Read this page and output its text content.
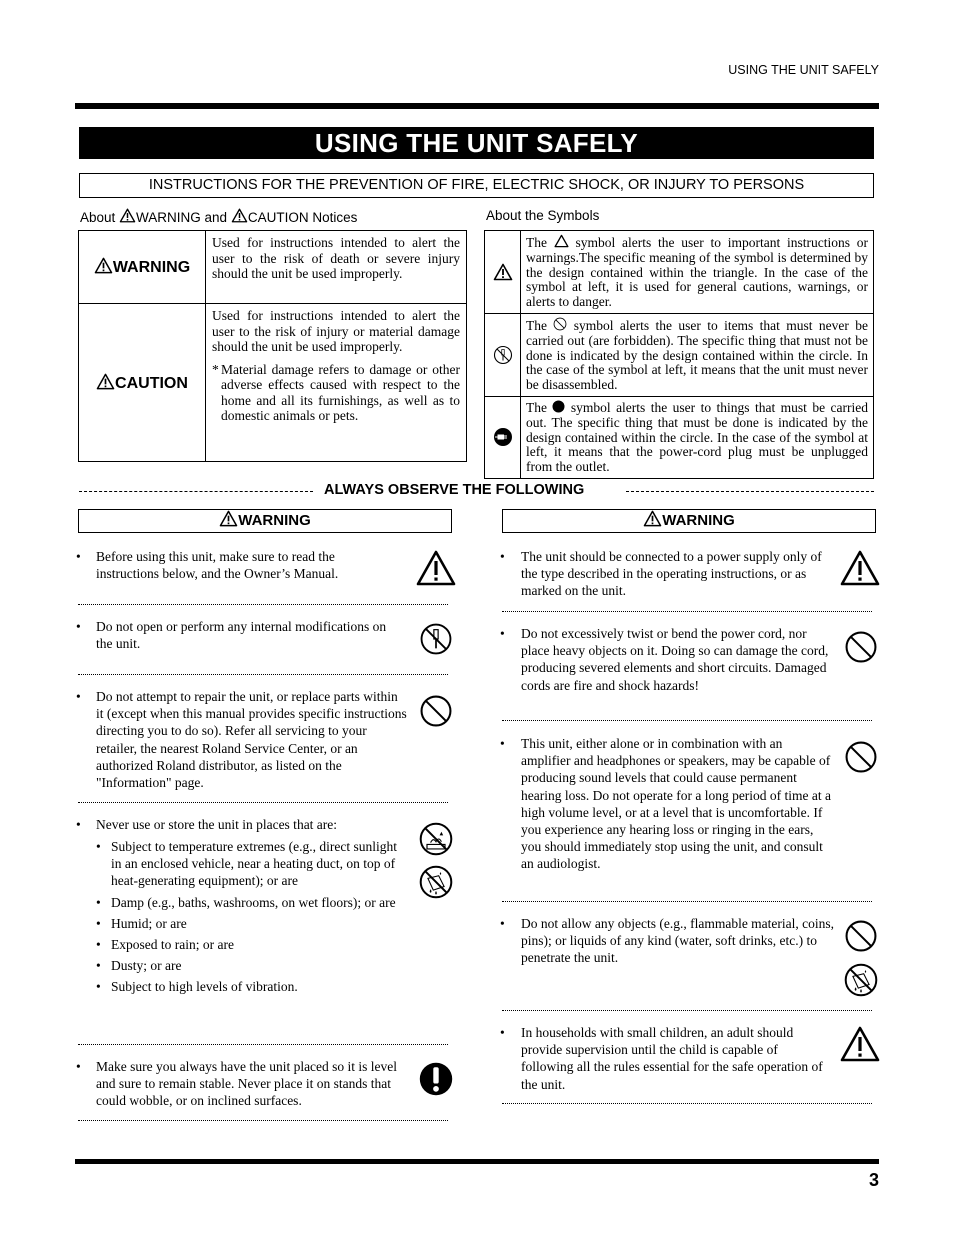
USING THE UNIT SAFELY
USING THE UNIT SAFELY
INSTRUCTIONS FOR THE PREVENTION OF FIRE, ELECTRIC SHOCK, OR INJURY TO PERSONS
About WARNING and CAUTION Notices
WARNING	Used for instructions intended to alert the user to the risk of death or severe injury should the unit be used improperly.
CAUTION	Used for instructions intended to alert the user to the risk of injury or material damage should the unit be used improperly.
* Material damage refers to damage or other adverse effects caused with respect to the home and all its furnishings, as well as to domestic animals or pets.
About the Symbols
	The symbol alerts the user to important instructions or warnings.The specific meaning of the symbol is determined by the design contained within the triangle. In the case of the symbol at left, it is used for general cautions, warnings, or alerts to danger.

	The symbol alerts the user to items that must never be carried out (are forbidden). The specific thing that must not be done is indicated by the design contained within the circle. In the case of the symbol at left, it means that the unit must never be disassembled.

	The symbol alerts the user to things that must be carried out. The specific thing that must be done is indicated by the design contained within the circle. In the case of the symbol at left, it means that the power-cord plug must be unplugged from the outlet.
ALWAYS OBSERVE THE FOLLOWING
WARNING
• Before using this unit, make sure to read the instructions below, and the Owner’s Manual.
• Do not open or perform any internal modifications on the unit.
• Do not attempt to repair the unit, or replace parts within it (except when this manual provides specific instructions directing you to do so). Refer all servicing to your retailer, the nearest Roland Service Center, or an authorized Roland distributor, as listed on the "Information" page.
• Never use or store the unit in places that are:
• Subject to temperature extremes (e.g., direct sunlight in an enclosed vehicle, near a heating duct, on top of heat-generating equipment); or are
• Damp (e.g., baths, washrooms, on wet floors); or are
• Humid; or are
• Exposed to rain; or are
• Dusty; or are
• Subject to high levels of vibration.
• Make sure you always have the unit placed so it is level and sure to remain stable. Never place it on stands that could wobble, or on inclined surfaces.
WARNING
• The unit should be connected to a power supply only of the type described in the operating instructions, or as marked on the unit.
• Do not excessively twist or bend the power cord, nor place heavy objects on it. Doing so can damage the cord, producing severed elements and short circuits. Damaged cords are fire and shock hazards!
• This unit, either alone or in combination with an amplifier and headphones or speakers, may be capable of producing sound levels that could cause permanent hearing loss. Do not operate for a long period of time at a high volume level, or at a level that is uncomfortable. If you experience any hearing loss or ringing in the ears, you should immediately stop using the unit, and consult an audiologist.
• Do not allow any objects (e.g., flammable material, coins, pins); or liquids of any kind (water, soft drinks, etc.) to penetrate the unit.
• In households with small children, an adult should provide supervision until the child is capable of following all the rules essential for the safe operation of the unit.
3
